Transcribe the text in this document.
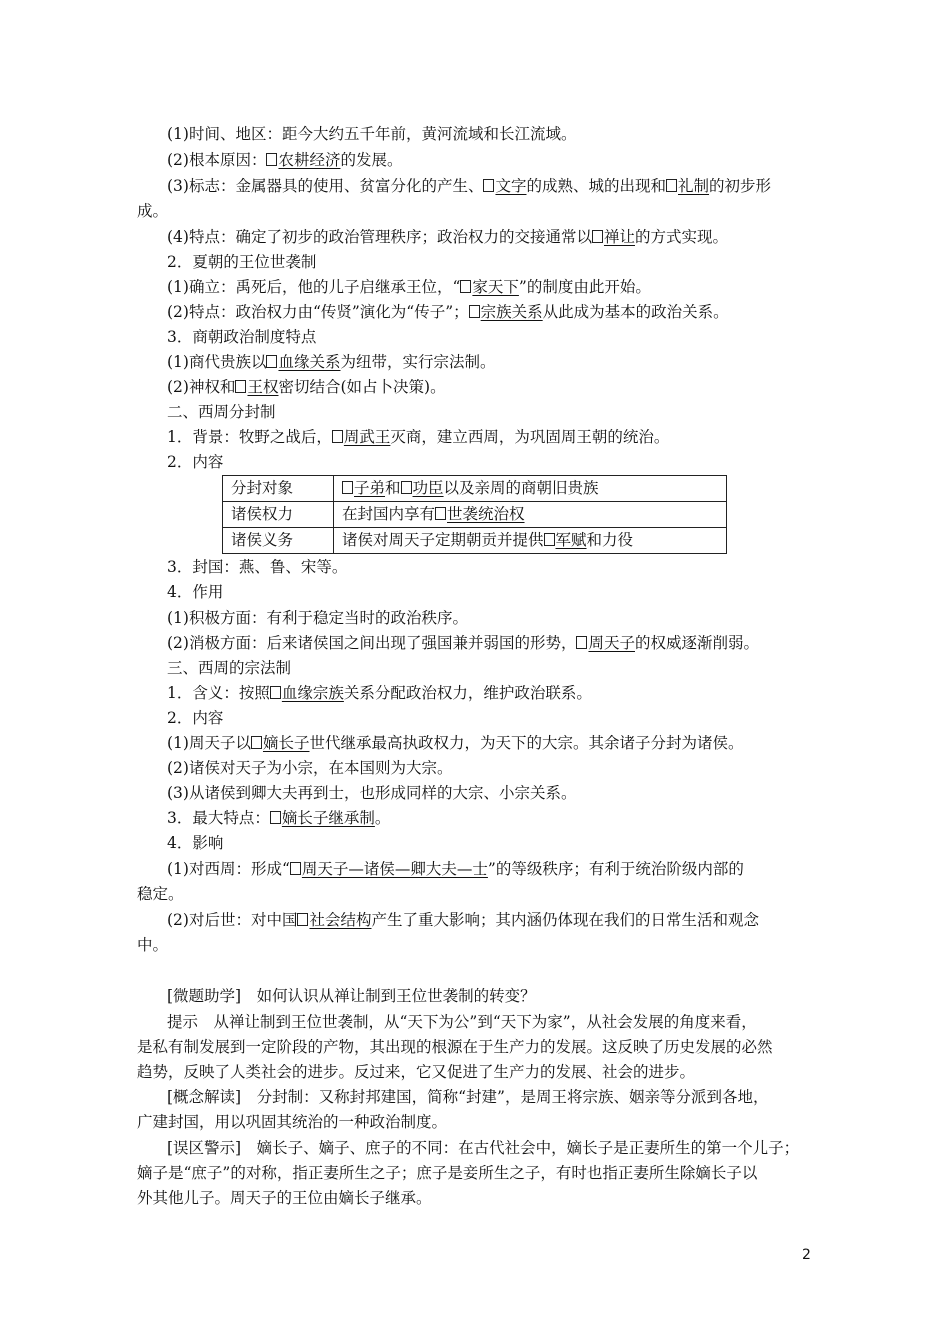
(1)时间、地区：距今大约五千年前，黄河流域和长江流域。
(2)根本原因： 农耕经济的发展。
(3)标志：金属器具的使用、贫富分化的产生、 文字的成熟、城的出现和 礼制的初步形
成。
(4)特点：确定了初步的政治管理秩序；政治权力的交接通常以 禅让的方式实现。
2．夏朝的王位世袭制
(1)确立：禹死后，他的儿子启继承王位，“ 家天下”的制度由此开始。
(2)特点：政治权力由“传贤”演化为“传子”； 宗族关系从此成为基本的政治关系。
3．商朝政治制度特点
(1)商代贵族以 血缘关系为纽带，实行宗法制。
(2)神权和 王权密切结合(如占卜决策)。
二、西周分封制
1．背景：牧野之战后， 周武王灭商，建立西周，为巩固周王朝的统治。
2．内容
分封对象	子弟和 功臣以及亲周的商朝旧贵族
诸侯权力	在封国内享有 世袭统治权
诸侯义务	诸侯对周天子定期朝贡并提供 军赋和力役
3．封国：燕、鲁、宋等。
4．作用
(1)积极方面：有利于稳定当时的政治秩序。
(2)消极方面：后来诸侯国之间出现了强国兼并弱国的形势， 周天子的权威逐渐削弱。
三、西周的宗法制
1．含义：按照 血缘宗族关系分配政治权力，维护政治联系。
2．内容
(1)周天子以 嫡长子世代继承最高执政权力，为天下的大宗。其余诸子分封为诸侯。
(2)诸侯对天子为小宗，在本国则为大宗。
(3)从诸侯到卿大夫再到士，也形成同样的大宗、小宗关系。
3．最大特点： 嫡长子继承制。
4．影响
(1)对西周：形成“ 周天子—诸侯—卿大夫—士”的等级秩序；有利于统治阶级内部的
稳定。
(2)对后世：对中国 社会结构产生了重大影响；其内涵仍体现在我们的日常生活和观念
中。
[微题助学]　如何认识从禅让制到王位世袭制的转变？
提示　从禅让制到王位世袭制，从“天下为公”到“天下为家”，从社会发展的角度来看，
是私有制发展到一定阶段的产物，其出现的根源在于生产力的发展。这反映了历史发展的必然
趋势，反映了人类社会的进步。反过来，它又促进了生产力的发展、社会的进步。
[概念解读]　分封制：又称封邦建国，简称“封建”，是周王将宗族、姻亲等分派到各地，
广建封国，用以巩固其统治的一种政治制度。
[误区警示]　嫡长子、嫡子、庶子的不同：在古代社会中，嫡长子是正妻所生的第一个儿子；
嫡子是“庶子”的对称，指正妻所生之子；庶子是妾所生之子，有时也指正妻所生除嫡长子以
外其他儿子。周天子的王位由嫡长子继承。
2
